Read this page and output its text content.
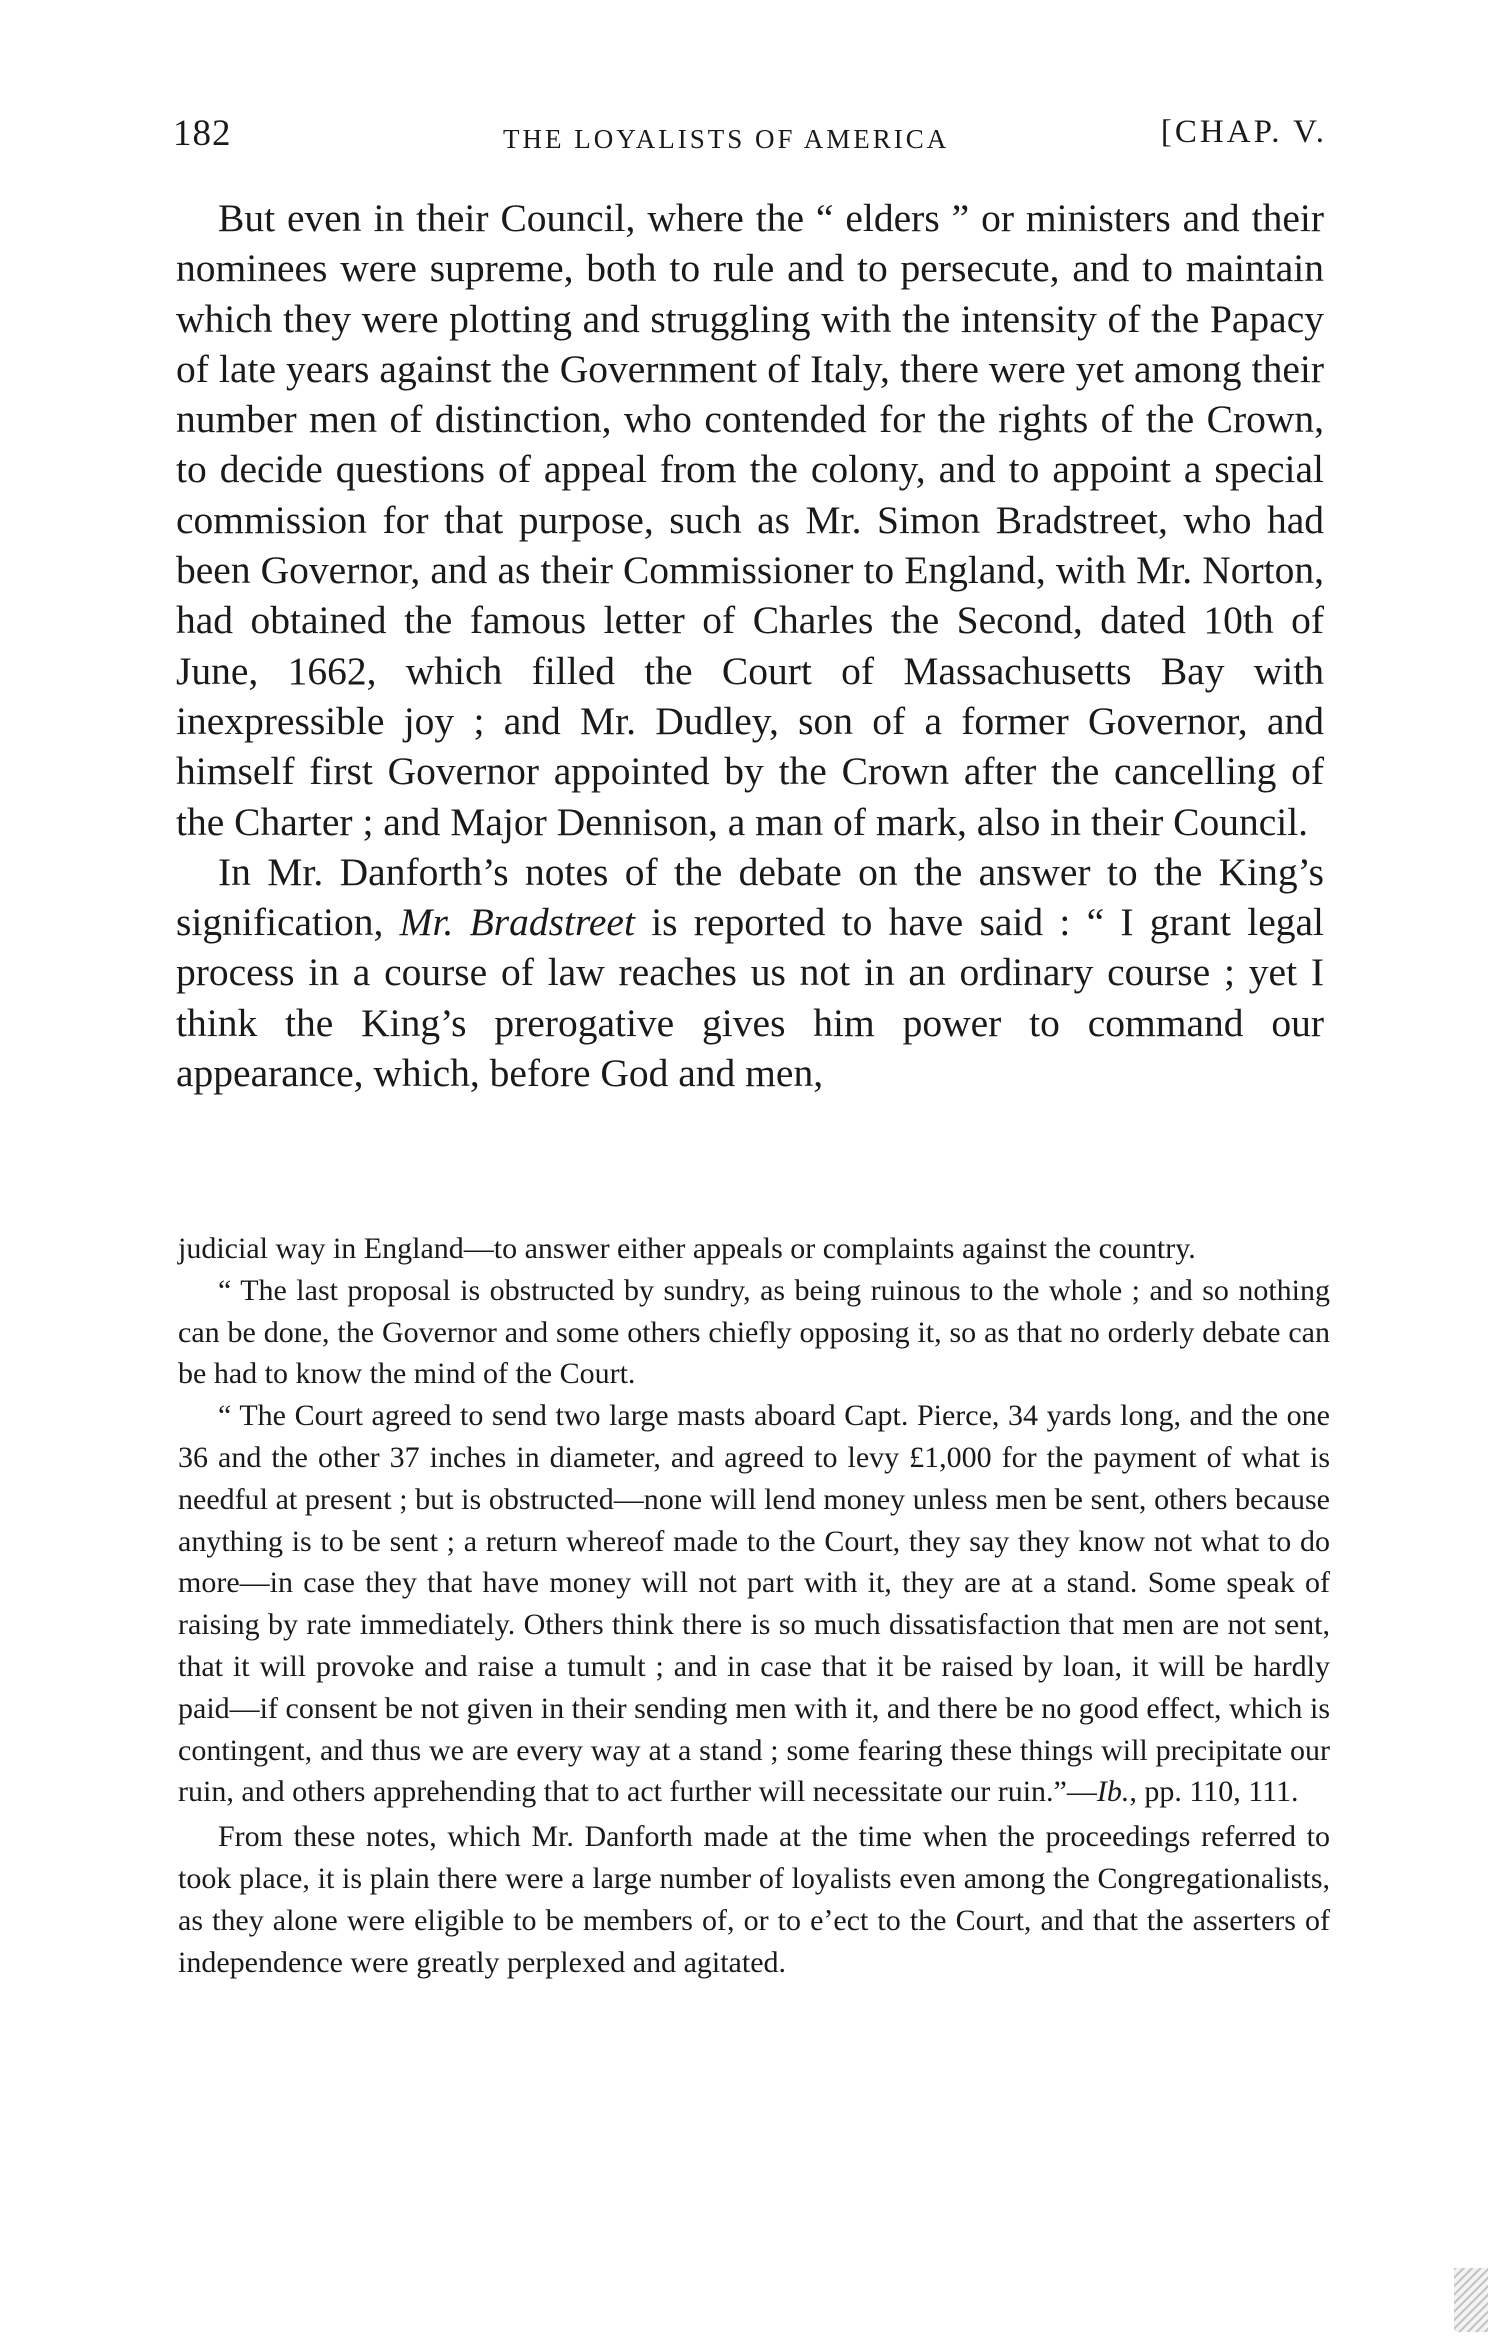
182	THE LOYALISTS OF AMERICA	[CHAP. V.

But even in their Council, where the “ elders ” or ministers and their nominees were supreme, both to rule and to persecute, and to maintain which they were plotting and struggling with the intensity of the Papacy of late years against the Government of Italy, there were yet among their number men of distinction, who contended for the rights of the Crown, to decide questions of appeal from the colony, and to appoint a special commission for that purpose, such as Mr. Simon Bradstreet, who had been Governor, and as their Commissioner to England, with Mr. Norton, had obtained the famous letter of Charles the Second, dated 10th of June, 1662, which filled the Court of Massachusetts Bay with inexpressible joy ; and Mr. Dudley, son of a former Governor, and himself first Governor appointed by the Crown after the cancelling of the Charter ; and Major Dennison, a man of mark, also in their Council.

In Mr. Danforth’s notes of the debate on the answer to the King’s signification, Mr. Bradstreet is reported to have said : “ I grant legal process in a course of law reaches us not in an ordinary course ; yet I think the King’s prerogative gives him power to command our appearance, which, before God and men,

judicial way in England—to answer either appeals or complaints against the country.

“ The last proposal is obstructed by sundry, as being ruinous to the whole ; and so nothing can be done, the Governor and some others chiefly opposing it, so as that no orderly debate can be had to know the mind of the Court.

“ The Court agreed to send two large masts aboard Capt. Pierce, 34 yards long, and the one 36 and the other 37 inches in diameter, and agreed to levy £1,000 for the payment of what is needful at present ; but is obstructed—none will lend money unless men be sent, others because anything is to be sent ; a return whereof made to the Court, they say they know not what to do more—in case they that have money will not part with it, they are at a stand. Some speak of raising by rate immediately. Others think there is so much dissatisfaction that men are not sent, that it will provoke and raise a tumult ; and in case that it be raised by loan, it will be hardly paid—if consent be not given in their sending men with it, and there be no good effect, which is contingent, and thus we are every way at a stand ; some fearing these things will precipitate our ruin, and others apprehending that to act further will necessitate our ruin.”—Ib., pp. 110, 111.

From these notes, which Mr. Danforth made at the time when the proceedings referred to took place, it is plain there were a large number of loyalists even among the Congregationalists, as they alone were eligible to be members of, or to eʼect to the Court, and that the asserters of independence were greatly perplexed and agitated.
